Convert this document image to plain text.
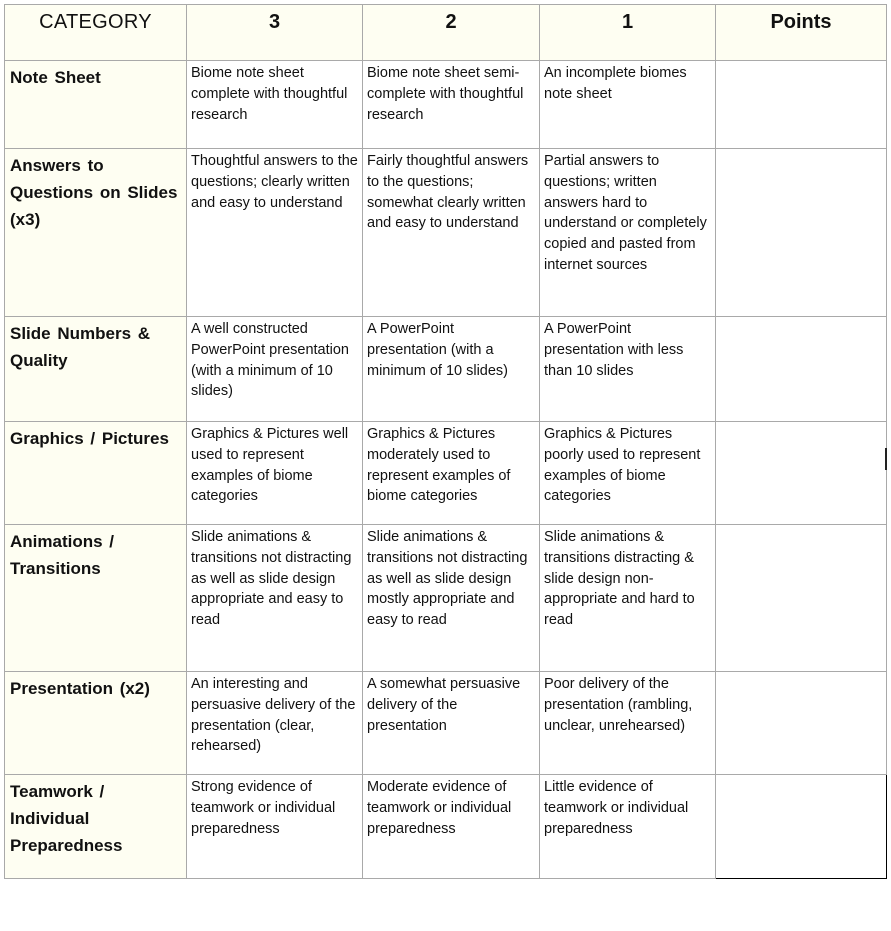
CATEGORY	3	2	1	Points
Note Sheet	Biome note sheet complete with thoughtful research	Biome note sheet semi-complete with thoughtful research	An incomplete biomes note sheet	
Answers to Questions on Slides (x3)	Thoughtful answers to the questions; clearly written and easy to understand	Fairly thoughtful answers to the questions; somewhat clearly written and easy to understand	Partial answers to questions; written answers hard to understand or completely copied and pasted from internet sources	
Slide Numbers & Quality	A well constructed PowerPoint presentation (with a minimum of 10 slides)	A PowerPoint presentation (with a minimum of 10 slides)	A PowerPoint presentation with less than 10 slides	
Graphics / Pictures	Graphics & Pictures well used to represent examples of biome categories	Graphics & Pictures moderately used to represent examples of biome categories	Graphics & Pictures poorly used to represent examples of biome categories	
Animations / Transitions	Slide animations & transitions not distracting as well as slide design appropriate and easy to read	Slide animations & transitions not distracting as well as slide design mostly appropriate and easy to read	Slide animations & transitions distracting & slide design non-appropriate and hard to read	
Presentation (x2)	An interesting and persuasive delivery of the presentation (clear, rehearsed)	A somewhat persuasive delivery of the presentation	Poor delivery of the presentation (rambling, unclear, unrehearsed)	
Teamwork / Individual Preparedness	Strong evidence of teamwork or individual preparedness	Moderate evidence of teamwork or individual preparedness	Little evidence of teamwork or individual preparedness	
